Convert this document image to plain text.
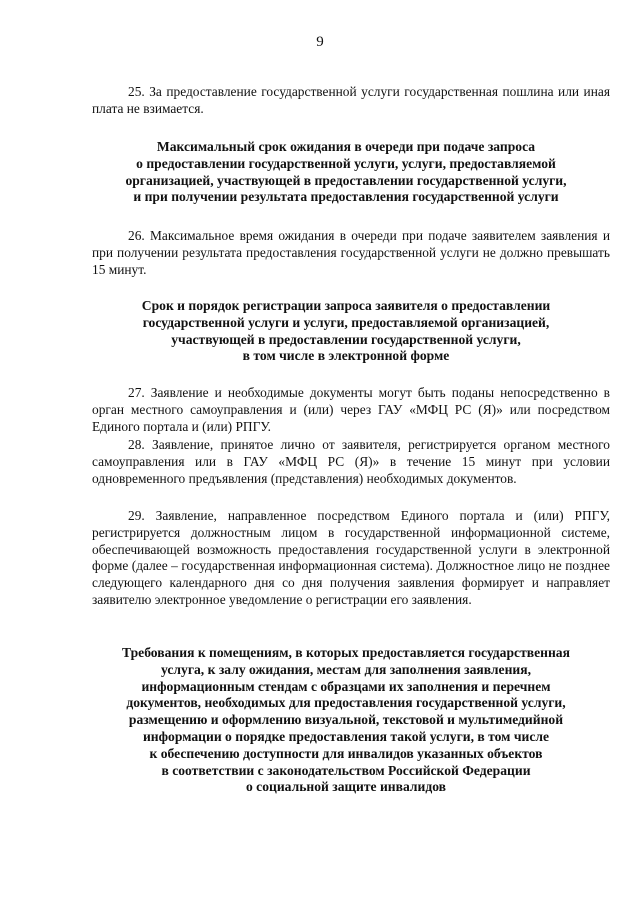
9

25. За предоставление государственной услуги государственная пошлина или иная плата не взимается.

Максимальный срок ожидания в очереди при подаче запроса
о предоставлении государственной услуги, услуги, предоставляемой
организацией, участвующей в предоставлении государственной услуги,
и при получении результата предоставления государственной услуги

26. Максимальное время ожидания в очереди при подаче заявителем заявления и при получении результата предоставления государственной услуги не должно превышать 15 минут.

Срок и порядок регистрации запроса заявителя о предоставлении
государственной услуги и услуги, предоставляемой организацией,
участвующей в предоставлении государственной услуги,
в том числе в электронной форме

27. Заявление и необходимые документы могут быть поданы непосредственно в орган местного самоуправления и (или) через ГАУ «МФЦ РС (Я)» или посредством Единого портала и (или) РПГУ.

28. Заявление, принятое лично от заявителя, регистрируется органом местного самоуправления или в ГАУ «МФЦ РС (Я)» в течение 15 минут при условии одновременного предъявления (представления) необходимых документов.

29. Заявление, направленное посредством Единого портала и (или) РПГУ, регистрируется должностным лицом в государственной информационной системе, обеспечивающей возможность предоставления государственной услуги в электронной форме (далее – государственная информационная система). Должностное лицо не позднее следующего календарного дня со дня получения заявления формирует и направляет заявителю электронное уведомление о регистрации его заявления.

Требования к помещениям, в которых предоставляется государственная
услуга, к залу ожидания, местам для заполнения заявления,
информационным стендам с образцами их заполнения и перечнем
документов, необходимых для предоставления государственной услуги,
размещению и оформлению визуальной, текстовой и мультимедийной
информации о порядке предоставления такой услуги, в том числе
к обеспечению доступности для инвалидов указанных объектов
в соответствии с законодательством Российской Федерации
о социальной защите инвалидов
